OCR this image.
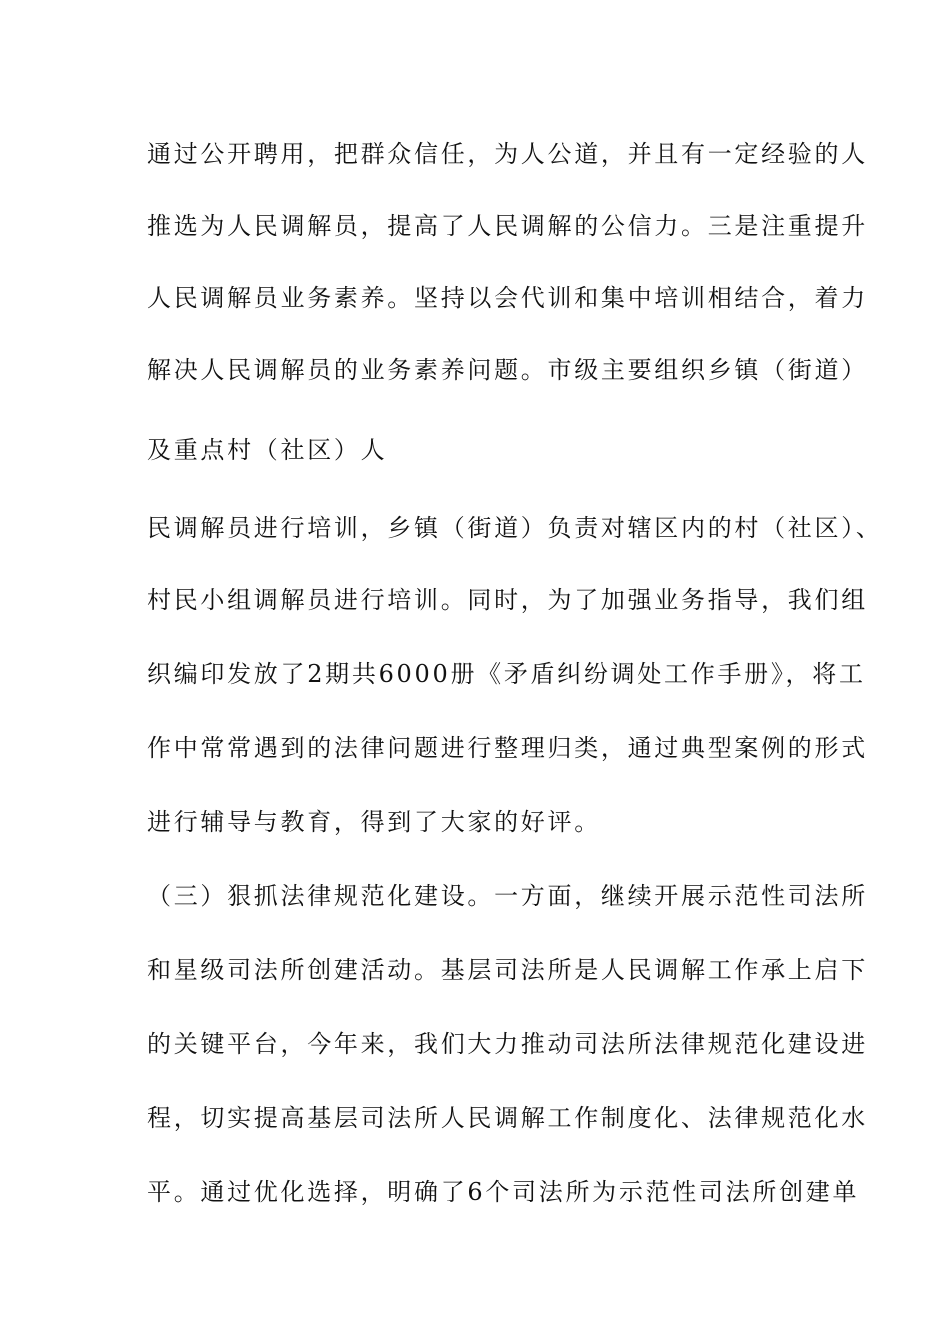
通过公开聘用，把群众信任，为人公道，并且有一定经验的人
推选为人民调解员，提高了人民调解的公信力。三是注重提升
人民调解员业务素养。坚持以会代训和集中培训相结合，着力
解决人民调解员的业务素养问题。市级主要组织乡镇（街道）
及重点村（社区）人
民调解员进行培训，乡镇（街道）负责对辖区内的村（社区）、
村民小组调解员进行培训。同时，为了加强业务指导，我们组
织编印发放了2期共6000册《矛盾纠纷调处工作手册》，将工
作中常常遇到的法律问题进行整理归类，通过典型案例的形式
进行辅导与教育，得到了大家的好评。
（三）狠抓法律规范化建设。一方面，继续开展示范性司法所
和星级司法所创建活动。基层司法所是人民调解工作承上启下
的关键平台，今年来，我们大力推动司法所法律规范化建设进
程，切实提高基层司法所人民调解工作制度化、法律规范化水
平。通过优化选择，明确了6个司法所为示范性司法所创建单
